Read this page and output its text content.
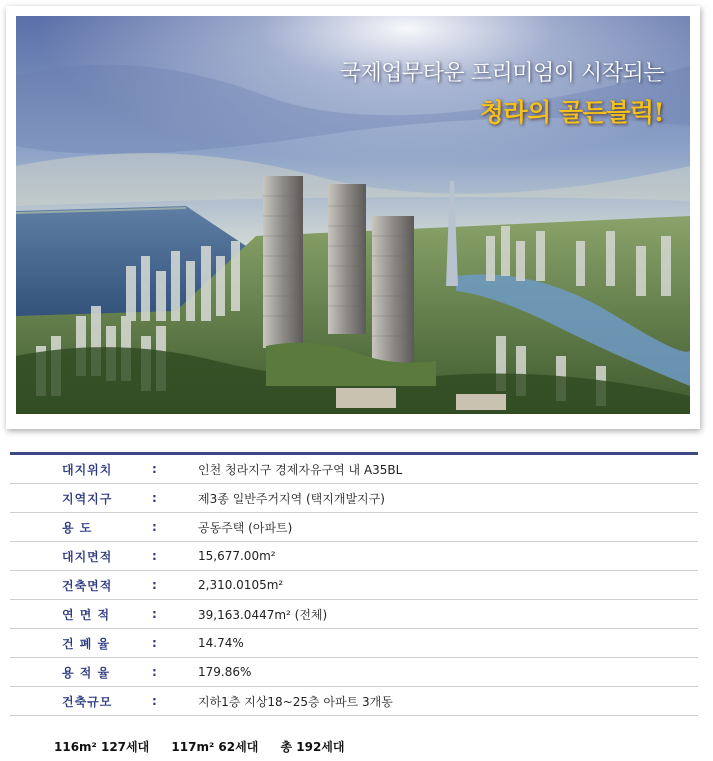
국제업무타운 프리미엄이 시작되는
청라의 골든블럭!
대지위치	:	인천 청라지구 경제자유구역 내 A35BL
지역지구	:	제3종 일반주거지역 (택지개발지구)
용 도	:	공동주택 (아파트)
대지면적	:	15,677.00m²
건축면적	:	2,310.0105m²
연 면 적	:	39,163.0447m² (전체)
건 폐 율	:	14.74%
용 적 율	:	179.86%
건축규모	:	지하1층 지상18~25층 아파트 3개동
116m² 127세대 117m² 62세대 총 192세대
